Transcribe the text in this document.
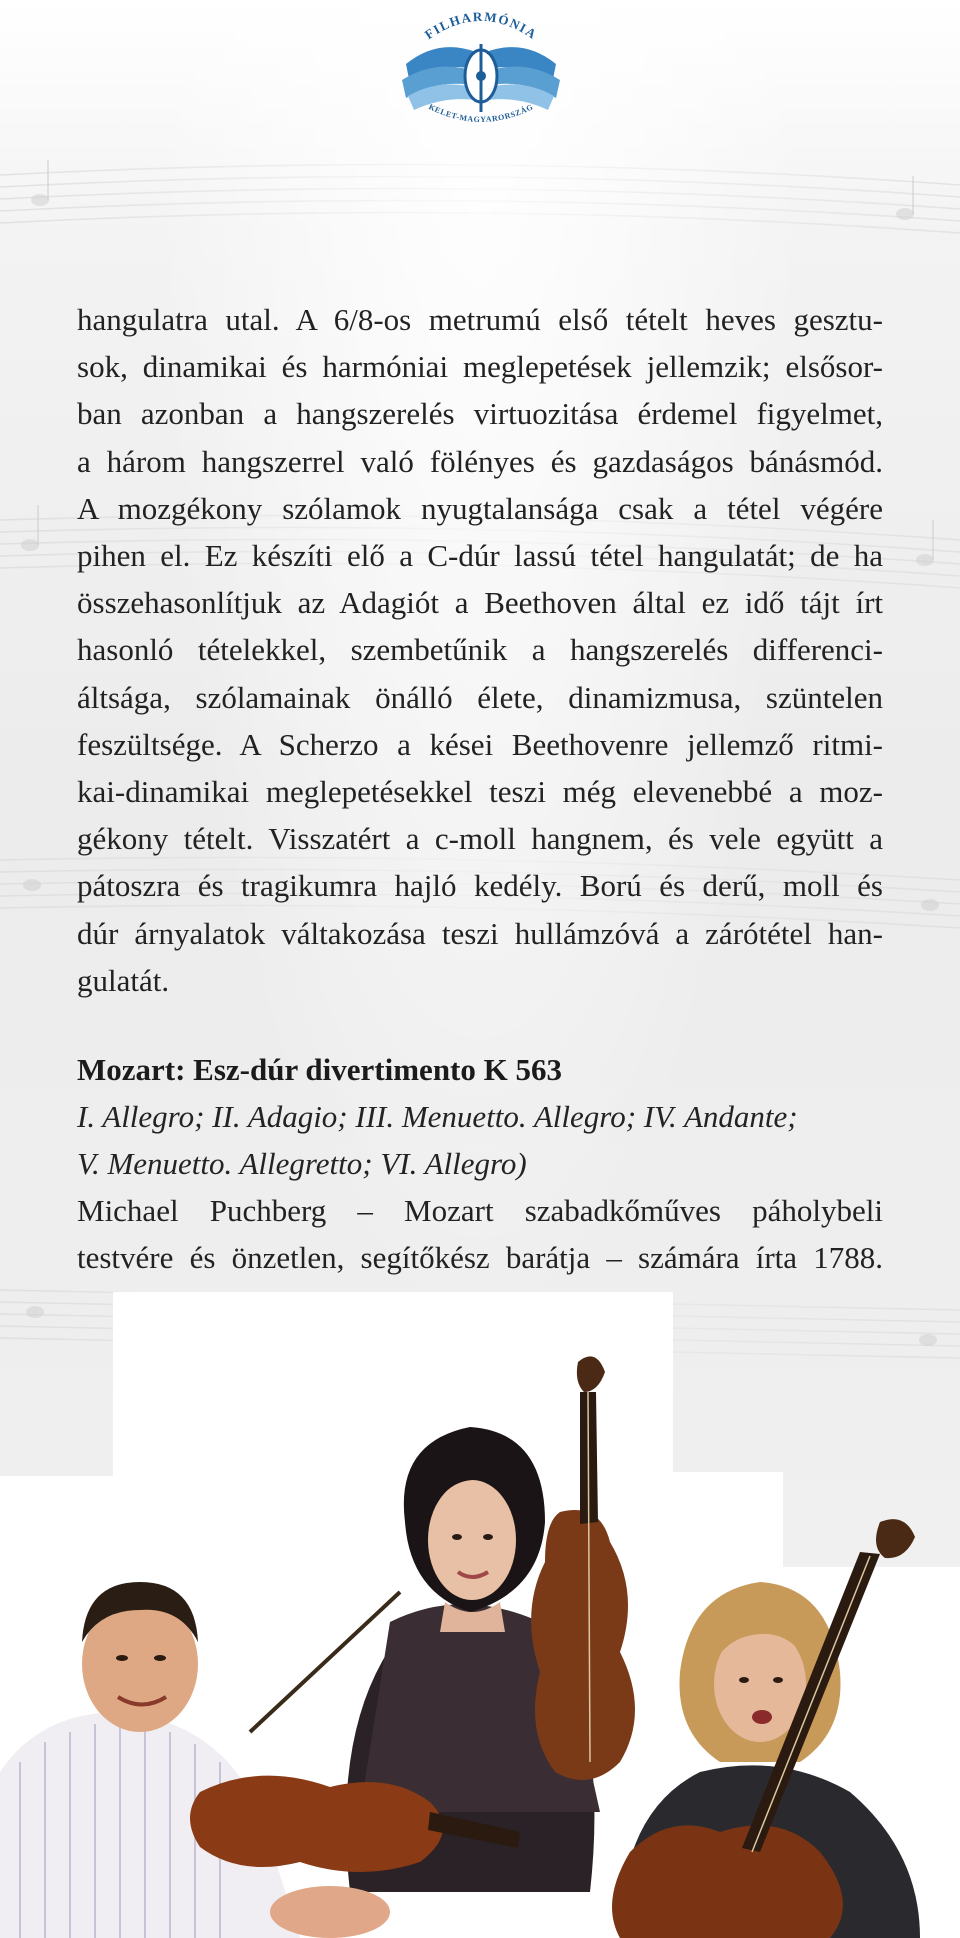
FILHARMÓNIA
KELET-MAGYARORSZÁG
hangulatra utal. A 6/8-os metrumú első tételt heves gesztu-
sok, dinamikai és harmóniai meglepetések jellemzik; elsősor-
ban azonban a hangszerelés virtuozitása érdemel figyelmet,
a három hangszerrel való fölényes és gazdaságos bánásmód.
A mozgékony szólamok nyugtalansága csak a tétel végére
pihen el. Ez készíti elő a C-dúr lassú tétel hangulatát; de ha
összehasonlítjuk az Adagiót a Beethoven által ez idő tájt írt
hasonló tételekkel, szembetűnik a hangszerelés differenci-
áltsága, szólamainak önálló élete, dinamizmusa, szüntelen
feszültsége. A Scherzo a kései Beethovenre jellemző ritmi-
kai-dinamikai meglepetésekkel teszi még elevenebbé a moz-
gékony tételt. Visszatért a c-moll hangnem, és vele együtt a
pátoszra és tragikumra hajló kedély. Ború és derű, moll és
dúr árnyalatok váltakozása teszi hullámzóvá a zárótétel han-
gulatát.

Mozart: Esz-dúr divertimento K 563

I. Allegro; II. Adagio; III. Menuetto. Allegro; IV. Andante;
V. Menuetto. Allegretto; VI. Allegro)

Michael Puchberg – Mozart szabadkőműves páholybeli
testvére és önzetlen, segítőkész barátja – számára írta 1788.
